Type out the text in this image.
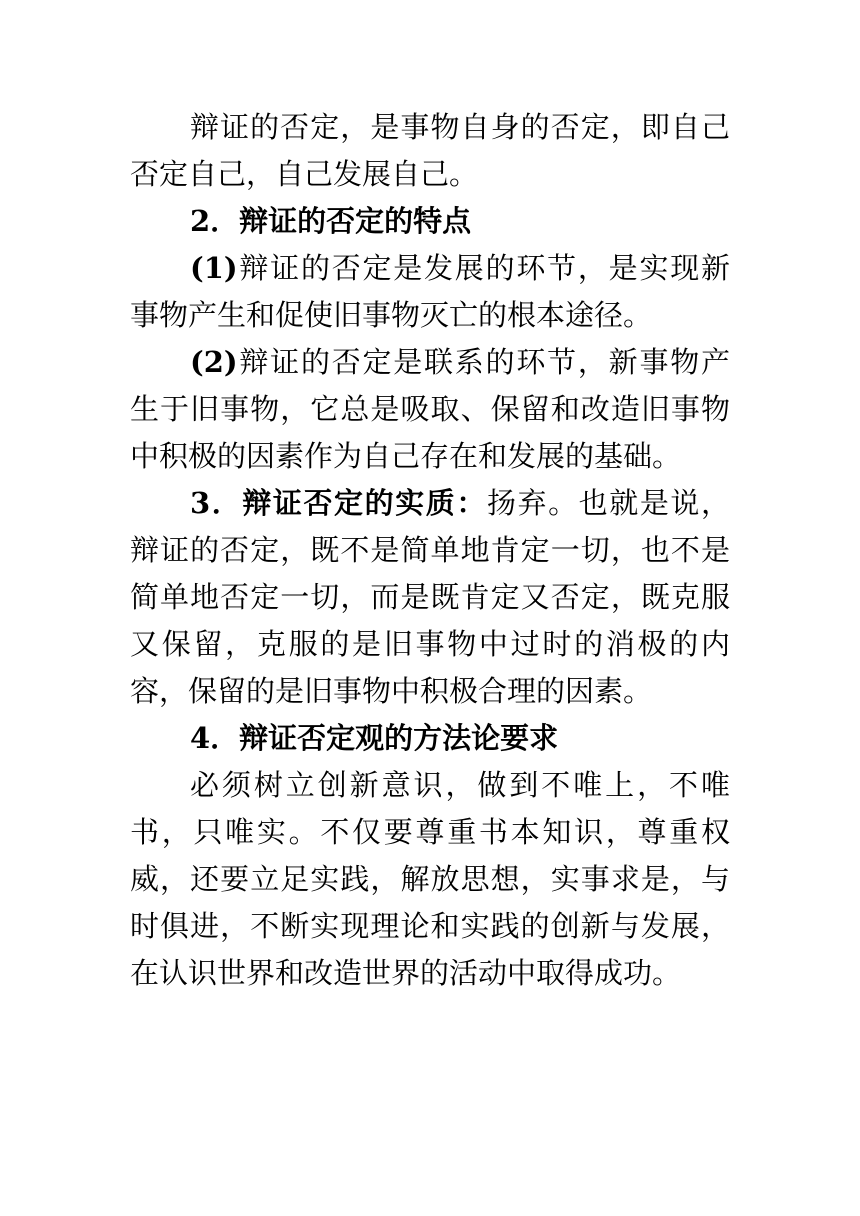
辩证的否定，是事物自身的否定，即自己否定自己，自己发展自己。

2．辩证的否定的特点

(1)辩证的否定是发展的环节，是实现新事物产生和促使旧事物灭亡的根本途径。

(2)辩证的否定是联系的环节，新事物产生于旧事物，它总是吸取、保留和改造旧事物中积极的因素作为自己存在和发展的基础。

3．辩证否定的实质：扬弃。也就是说，辩证的否定，既不是简单地肯定一切，也不是简单地否定一切，而是既肯定又否定，既克服又保留，克服的是旧事物中过时的消极的内容，保留的是旧事物中积极合理的因素。

4．辩证否定观的方法论要求

必须树立创新意识，做到不唯上，不唯书，只唯实。不仅要尊重书本知识，尊重权威，还要立足实践，解放思想，实事求是，与时俱进，不断实现理论和实践的创新与发展，在认识世界和改造世界的活动中取得成功。
